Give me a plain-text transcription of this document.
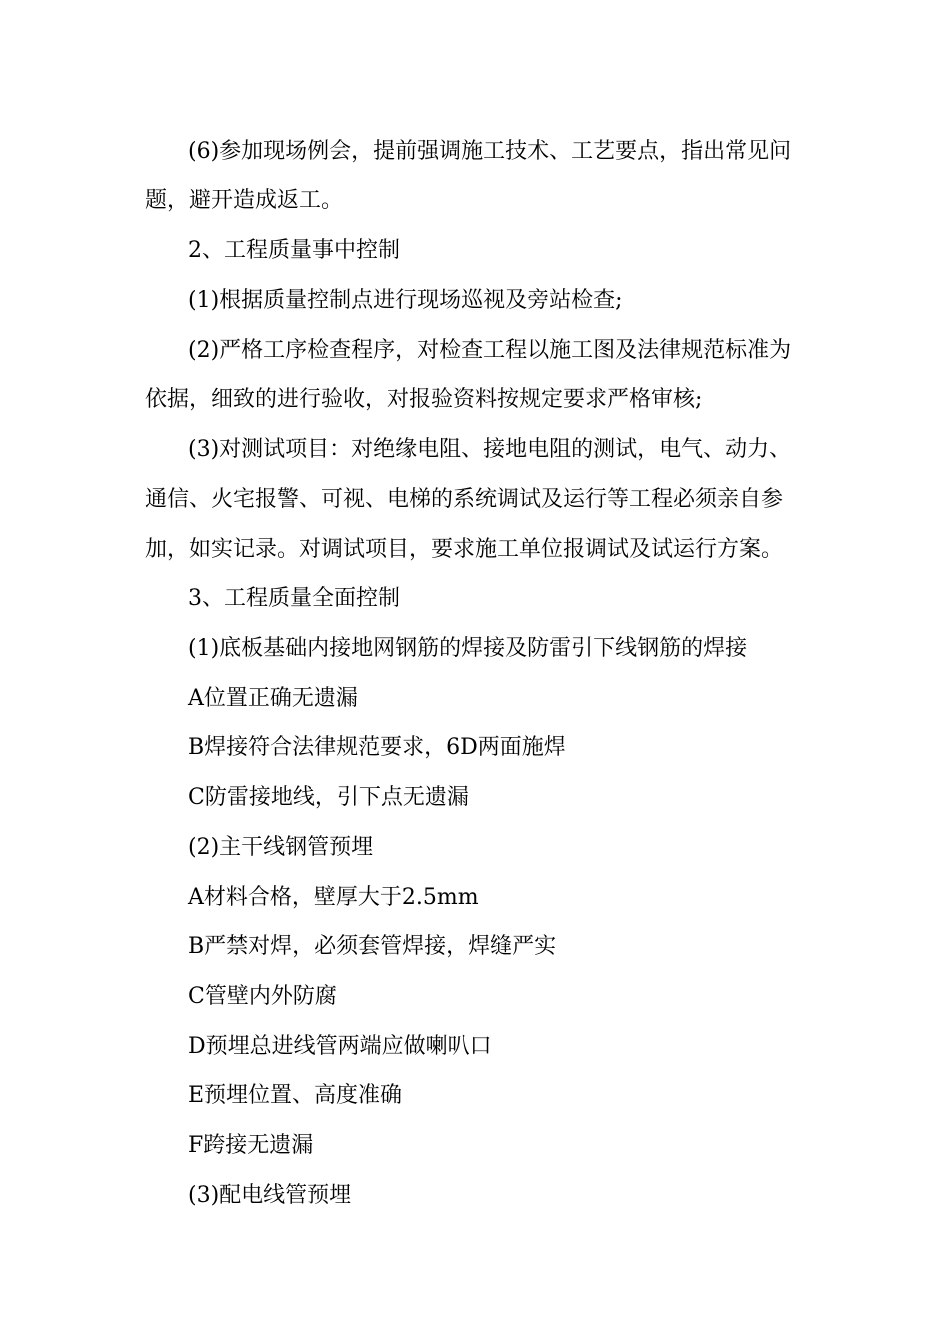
(6)参加现场例会，提前强调施工技术、工艺要点，指出常见问
题，避开造成返工。
2、工程质量事中控制
(1)根据质量控制点进行现场巡视及旁站检查;
(2)严格工序检查程序，对检查工程以施工图及法律规范标准为
依据，细致的进行验收，对报验资料按规定要求严格审核;
(3)对测试项目：对绝缘电阻、接地电阻的测试，电气、动力、
通信、火宅报警、可视、电梯的系统调试及运行等工程必须亲自参
加，如实记录。对调试项目，要求施工单位报调试及试运行方案。
3、工程质量全面控制
(1)底板基础内接地网钢筋的焊接及防雷引下线钢筋的焊接
A位置正确无遗漏
B焊接符合法律规范要求，6D两面施焊
C防雷接地线，引下点无遗漏
(2)主干线钢管预埋
A材料合格，壁厚大于2.5mm
B严禁对焊，必须套管焊接，焊缝严实
C管壁内外防腐
D预埋总进线管两端应做喇叭口
E预埋位置、高度准确
F跨接无遗漏
(3)配电线管预埋
